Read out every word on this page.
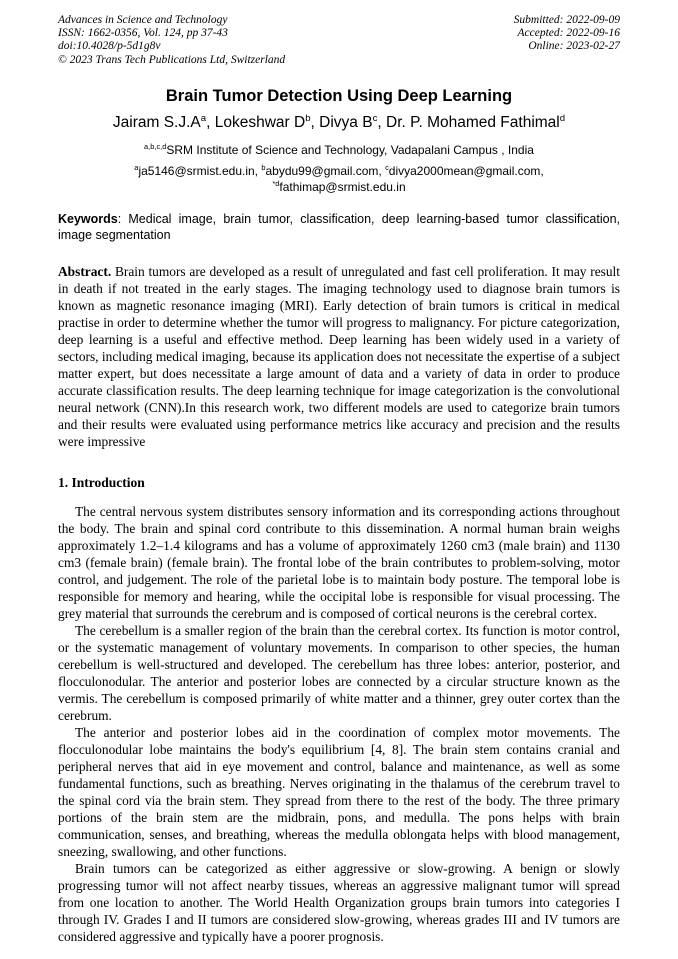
Advances in Science and Technology
ISSN: 1662-0356, Vol. 124, pp 37-43
doi:10.4028/p-5d1g8v
© 2023 Trans Tech Publications Ltd, Switzerland
Submitted: 2022-09-09
Accepted: 2022-09-16
Online: 2023-02-27
Brain Tumor Detection Using Deep Learning
Jairam $S.J.A^a$, Lokeshwar $D^b$, Divya $B^c$, Dr. P. Mohamed Fathimal$^d$
$^{a,b,c,d}$SRM Institute of Science and Technology, Vadapalani Campus , India
$^a$ja5146@srmist.edu.in, $^b$abydu99@gmail.com, $^c$divya2000mean@gmail.com,
$^{*d}$fathimap@srmist.edu.in
Keywords: Medical image, brain tumor, classification, deep learning-based tumor classification, image segmentation
Abstract. Brain tumors are developed as a result of unregulated and fast cell proliferation. It may result in death if not treated in the early stages. The imaging technology used to diagnose brain tumors is known as magnetic resonance imaging (MRI). Early detection of brain tumors is critical in medical practise in order to determine whether the tumor will progress to malignancy. For picture categorization, deep learning is a useful and effective method. Deep learning has been widely used in a variety of sectors, including medical imaging, because its application does not necessitate the expertise of a subject matter expert, but does necessitate a large amount of data and a variety of data in order to produce accurate classification results. The deep learning technique for image categorization is the convolutional neural network (CNN).In this research work, two different models are used to categorize brain tumors and their results were evaluated using performance metrics like accuracy and precision and the results were impressive
1. Introduction

The central nervous system distributes sensory information and its corresponding actions throughout the body. The brain and spinal cord contribute to this dissemination. A normal human brain weighs approximately 1.2–1.4 kilograms and has a volume of approximately 1260 cm3 (male brain) and 1130 cm3 (female brain) (female brain). The frontal lobe of the brain contributes to problem-solving, motor control, and judgement. The role of the parietal lobe is to maintain body posture. The temporal lobe is responsible for memory and hearing, while the occipital lobe is responsible for visual processing. The grey material that surrounds the cerebrum and is composed of cortical neurons is the cerebral cortex.

The cerebellum is a smaller region of the brain than the cerebral cortex. Its function is motor control, or the systematic management of voluntary movements. In comparison to other species, the human cerebellum is well-structured and developed. The cerebellum has three lobes: anterior, posterior, and flocculonodular. The anterior and posterior lobes are connected by a circular structure known as the vermis. The cerebellum is composed primarily of white matter and a thinner, grey outer cortex than the cerebrum.

The anterior and posterior lobes aid in the coordination of complex motor movements. The flocculonodular lobe maintains the body's equilibrium [4, 8]. The brain stem contains cranial and peripheral nerves that aid in eye movement and control, balance and maintenance, as well as some fundamental functions, such as breathing. Nerves originating in the thalamus of the cerebrum travel to the spinal cord via the brain stem. They spread from there to the rest of the body. The three primary portions of the brain stem are the midbrain, pons, and medulla. The pons helps with brain communication, senses, and breathing, whereas the medulla oblongata helps with blood management, sneezing, swallowing, and other functions.

Brain tumors can be categorized as either aggressive or slow-growing. A benign or slowly progressing tumor will not affect nearby tissues, whereas an aggressive malignant tumor will spread from one location to another. The World Health Organization groups brain tumors into categories I through IV. Grades I and II tumors are considered slow-growing, whereas grades III and IV tumors are considered aggressive and typically have a poorer prognosis.
